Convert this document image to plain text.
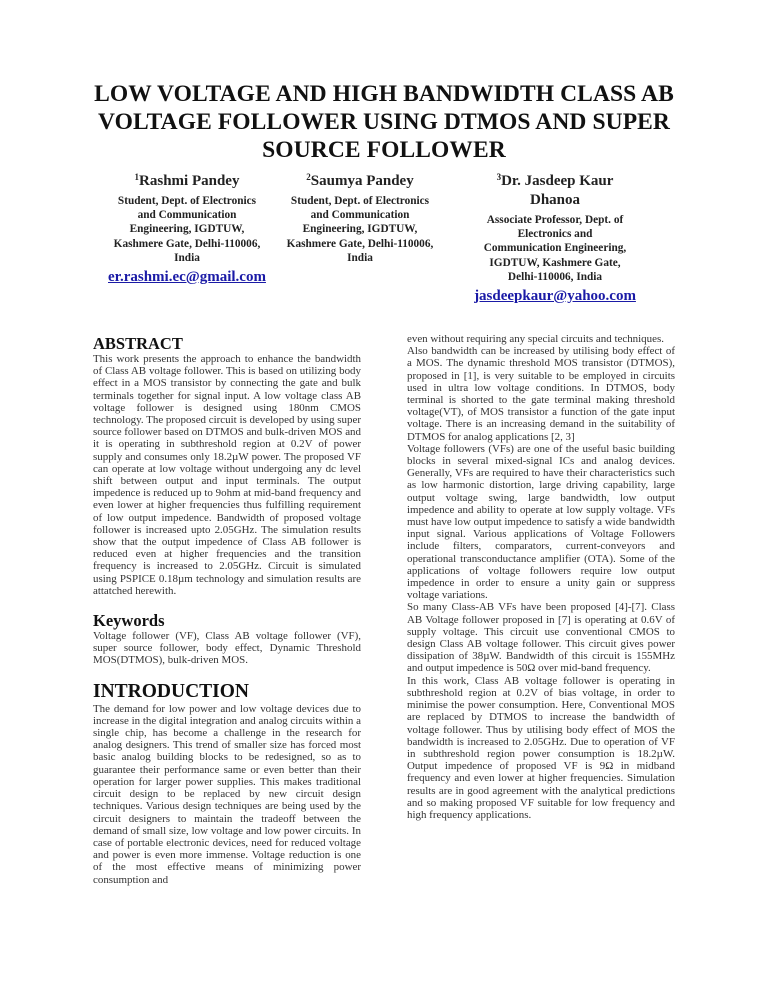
LOW VOLTAGE AND HIGH BANDWIDTH CLASS AB
VOLTAGE FOLLOWER USING DTMOS AND SUPER
SOURCE FOLLOWER
$^1$Rashmi Pandey
Student, Dept. of Electronics
and Communication
Engineering, IGDTUW,
Kashmere Gate, Delhi-110006,
India
er.rashmi.ec@gmail.com
$^2$Saumya Pandey
Student, Dept. of Electronics
and Communication
Engineering, IGDTUW,
Kashmere Gate, Delhi-110006,
India
$^3$Dr. Jasdeep Kaur Dhanoa
Associate Professor, Dept. of
Electronics and
Communication Engineering,
IGDTUW, Kashmere Gate,
Delhi-110006, India
jasdeepkaur@yahoo.com
ABSTRACT

This work presents the approach to enhance the bandwidth of Class AB voltage follower. This is based on utilizing body effect in a MOS transistor by connecting the gate and bulk terminals together for signal input. A low voltage class AB voltage follower is designed using 180nm CMOS technology. The proposed circuit is developed by using super source follower based on DTMOS and bulk-driven MOS and it is operating in subthreshold region at 0.2V of power supply and consumes only 18.2µW power. The proposed VF can operate at low voltage without undergoing any dc level shift between output and input terminals. The output impedence is reduced up to 9ohm at mid-band frequency and even lower at higher frequencies thus fulfilling requirement of low output impedence. Bandwidth of proposed voltage follower is increased upto 2.05GHz. The simulation results show that the output impedence of Class AB follower is reduced even at higher frequencies and the transition frequency is increased to 2.05GHz. Circuit is simulated using PSPICE 0.18µm technology and simulation results are attatched herewith.

Keywords

Voltage follower (VF), Class AB voltage follower (VF), super source follower, body effect, Dynamic Threshold MOS(DTMOS), bulk-driven MOS.

INTRODUCTION

The demand for low power and low voltage devices due to increase in the digital integration and analog circuits within a single chip, has become a challenge in the research for analog designers. This trend of smaller size has forced most basic analog building blocks to be redesigned, so as to guarantee their performance same or even better than their operation for larger power supplies. This makes traditional circuit design to be replaced by new circuit design techniques. Various design techniques are being used by the circuit designers to maintain the tradeoff between the demand of small size, low voltage and low power circuits. In case of portable electronic devices, need for reduced voltage and power is even more immense. Voltage reduction is one of the most effective means of minimizing power consumption and

even without requiring any special circuits and techniques.

Also bandwidth can be increased by utilising body effect of a MOS. The dynamic threshold MOS transistor (DTMOS), proposed in [1], is very suitable to be employed in circuits used in ultra low voltage conditions. In DTMOS, body terminal is shorted to the gate terminal making threshold voltage(VT), of MOS transistor a function of the gate input voltage. There is an increasing demand in the suitability of DTMOS for analog applications [2, 3]

Voltage followers (VFs) are one of the useful basic building blocks in several mixed-signal ICs and analog devices. Generally, VFs are required to have their characteristics such as low harmonic distortion, large driving capability, large output voltage swing, large bandwidth, low output impedence and ability to operate at low supply voltage. VFs must have low output impedence to satisfy a wide bandwidth input signal. Various applications of Voltage Followers include filters, comparators, current-conveyors and operational transconductance amplifier (OTA). Some of the applications of voltage followers require low output impedence in order to ensure a unity gain or suppress voltage variations.

So many Class-AB VFs have been proposed [4]-[7]. Class AB Voltage follower proposed in [7] is operating at 0.6V of supply voltage. This circuit use conventional CMOS to design Class AB voltage follower. This circuit gives power dissipation of 38µW. Bandwidth of this circuit is 155MHz and output impedence is 50Ω over mid-band frequency.

In this work, Class AB voltage follower is operating in subthreshold region at 0.2V of bias voltage, in order to minimise the power consumption. Here, Conventional MOS are replaced by DTMOS to increase the bandwidth of voltage follower. Thus by utilising body effect of MOS the bandwidth is increased to 2.05GHz. Due to operation of VF in subthreshold region power consumption is 18.2µW. Output impedence of proposed VF is 9Ω in midband frequency and even lower at higher frequencies. Simulation results are in good agreement with the analytical predictions and so making proposed VF suitable for low frequency and high frequency applications.
